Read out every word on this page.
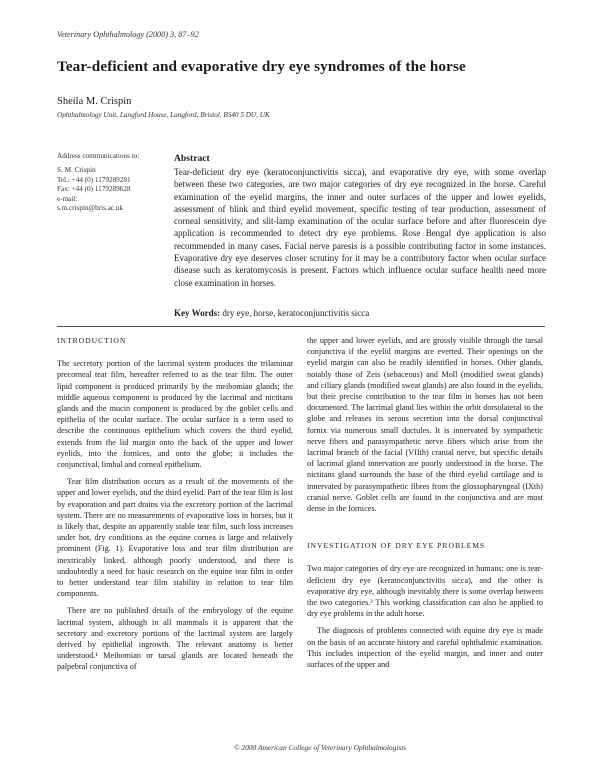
Veterinary Ophthalmology (2000) 3, 87–92
Tear-deficient and evaporative dry eye syndromes of the horse
Sheila M. Crispin
Ophthalmology Unit, Langford House, Langford, Bristol, BS40 5 DU, UK
Address communications to:
S. M. Crispin
Tel.: +44 (0) 1179289281
Fax: +44 (0) 1179289628
e-mail:
s.m.crispin@bris.ac.uk
Abstract
Tear-deficient dry eye (keratoconjunctivitis sicca), and evaporative dry eye, with some overlap between these two categories, are two major categories of dry eye recognized in the horse. Careful examination of the eyelid margins, the inner and outer surfaces of the upper and lower eyelids, assessment of blink and third eyelid movement, specific testing of tear production, assessment of corneal sensitivity, and slit-lamp examination of the ocular surface before and after fluorescein dye application is recommended to detect dry eye problems. Rose Bengal dye application is also recommended in many cases. Facial nerve paresis is a possible contributing factor in some instances. Evaporative dry eye deserves closer scrutiny for it may be a contributory factor when ocular surface disease such as keratomycosis is present. Factors which influence ocular surface health need more close examination in horses.
Key Words: dry eye, horse, keratoconjunctivitis sicca
INTRODUCTION

The secretory portion of the lacrimal system produces the trilaminar precorneal tear film, hereafter referred to as the tear film. The outer lipid component is produced primarily by the meibomian glands; the middle aqueous component is produced by the lacrimal and nictitans glands and the mucin component is produced by the goblet cells and epithelia of the ocular surface. The ocular surface is a term used to describe the continuous epithelium which covers the third eyelid, extends from the lid margin onto the back of the upper and lower eyelids, into the fornices, and onto the globe; it includes the conjunctival, limbal and corneal epithelium.

Tear film distribution occurs as a result of the movements of the upper and lower eyelids, and the third eyelid. Part of the tear film is lost by evaporation and part drains via the excretory portion of the lacrimal system. There are no measurements of evaporative loss in horses, but it is likely that, despite an apparently stable tear film, such loss increases under hot, dry conditions as the equine cornea is large and relatively prominent (Fig. 1). Evaporative loss and tear film distribution are inextricably linked, although poorly understood, and there is undoubtedly a need for basic research on the equine tear film in order to better understand tear film stability in relation to tear film components.

There are no published details of the embryology of the equine lacrimal system, although in all mammals it is apparent that the secretory and excretory portions of the lacrimal system are largely derived by epithelial ingrowth. The relevant anatomy is better understood.¹ Meibomian or tarsal glands are located beneath the palpebral conjunctiva of

the upper and lower eyelids, and are grossly visible through the tarsal conjunctiva if the eyelid margins are everted. Their openings on the eyelid margin can also be readily identified in horses. Other glands, notably those of Zeis (sebaceous) and Moll (modified sweat glands) and ciliary glands (modified sweat glands) are also found in the eyelids, but their precise contribution to the tear film in horses has not been documented. The lacrimal gland lies within the orbit dorsolateral to the globe and releases its serous secretion into the dorsal conjunctival fornix via numerous small ductules. It is innervated by sympathetic nerve fibers and parasympathetic nerve fibers which arise from the lacrimal branch of the facial (VIIth) cranial nerve, but specific details of lacrimal gland innervation are poorly understood in the horse. The nictitans gland surrounds the base of the third eyelid cartilage and is innervated by parasympathetic fibres from the glossopharyngeal (IXth) cranial nerve. Goblet cells are found in the conjunctiva and are most dense in the fornices.

INVESTIGATION OF DRY EYE PROBLEMS

Two major categories of dry eye are recognized in humans: one is tear-deficient dry eye (keratoconjunctivitis sicca), and the other is evaporative dry eye, although inevitably there is some overlap between the two categories.² This working classification can also be applied to dry eye problems in the adult horse.

The diagnosis of problems connected with equine dry eye is made on the basis of an accurate history and careful ophthalmic examination. This includes inspection of the eyelid margin, and inner and outer surfaces of the upper and

© 2000 American College of Veterinary Ophthalmologists
